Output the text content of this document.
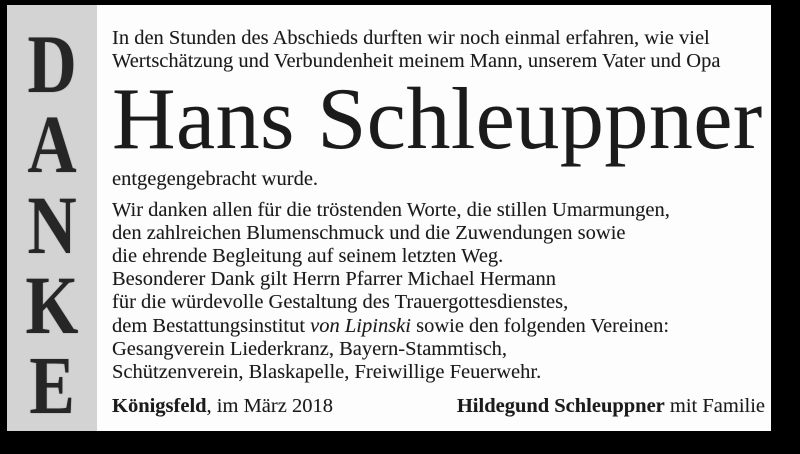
D
A
N
K
E
In den Stunden des Abschieds durften wir noch einmal erfahren, wie viel
Wertschätzung und Verbundenheit meinem Mann, unserem Vater und Opa
Hans Schleuppner
entgegengebracht wurde.
Wir danken allen für die tröstenden Worte, die stillen Umarmungen,
den zahlreichen Blumenschmuck und die Zuwendungen sowie
die ehrende Begleitung auf seinem letzten Weg.
Besonderer Dank gilt Herrn Pfarrer Michael Hermann
für die würdevolle Gestaltung des Trauergottesdienstes,
dem Bestattungsinstitut von Lipinski sowie den folgenden Vereinen:
Gesangverein Liederkranz, Bayern-Stammtisch,
Schützenverein, Blaskapelle, Freiwillige Feuerwehr.
Königsfeld, im März 2018	Hildegund Schleuppner mit Familie
